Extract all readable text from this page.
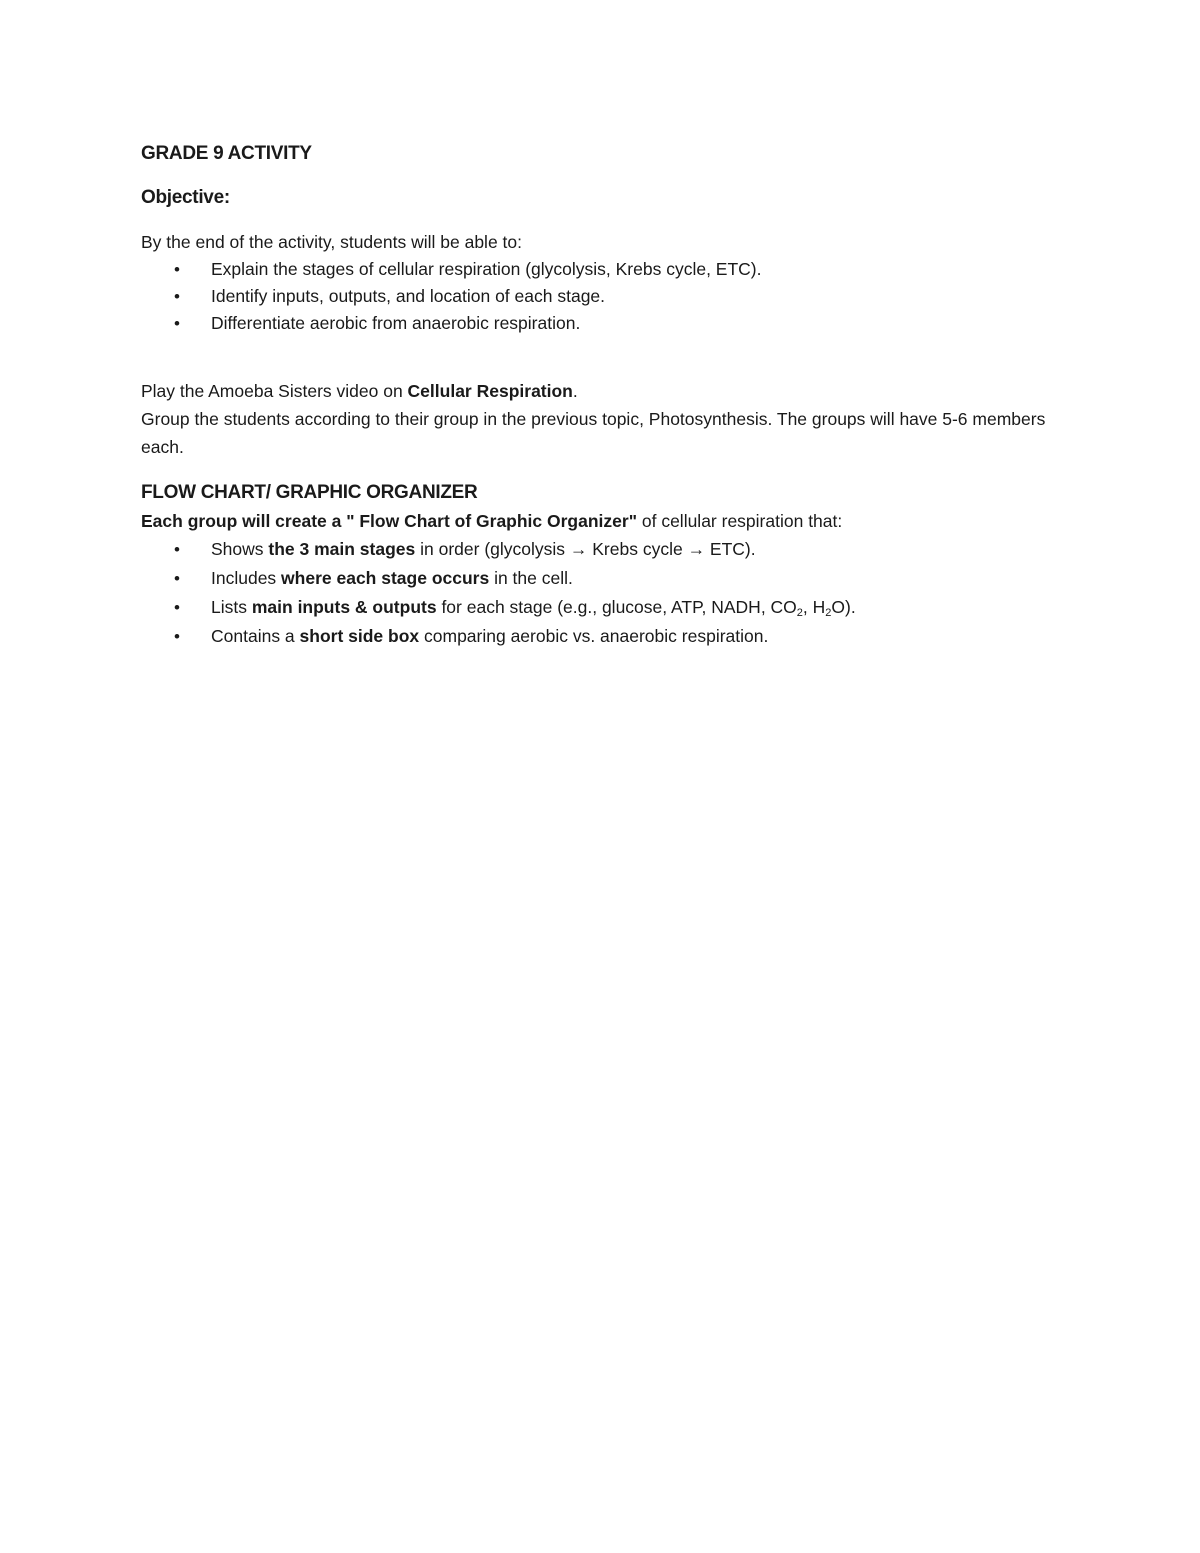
GRADE 9 ACTIVITY
Objective:

By the end of the activity, students will be able to:

• Explain the stages of cellular respiration (glycolysis, Krebs cycle, ETC).
• Identify inputs, outputs, and location of each stage.
• Differentiate aerobic from anaerobic respiration.

Play the Amoeba Sisters video on Cellular Respiration.

Group the students according to their group in the previous topic, Photosynthesis. The groups will have 5-6 members each.

FLOW CHART/ GRAPHIC ORGANIZER

Each group will create a " Flow Chart of Graphic Organizer" of cellular respiration that:

• Shows the 3 main stages in order (glycolysis → Krebs cycle → ETC).
• Includes where each stage occurs in the cell.
• Lists main inputs & outputs for each stage (e.g., glucose, ATP, NADH, $CO_2$, $H_2O$).
• Contains a short side box comparing aerobic vs. anaerobic respiration.
